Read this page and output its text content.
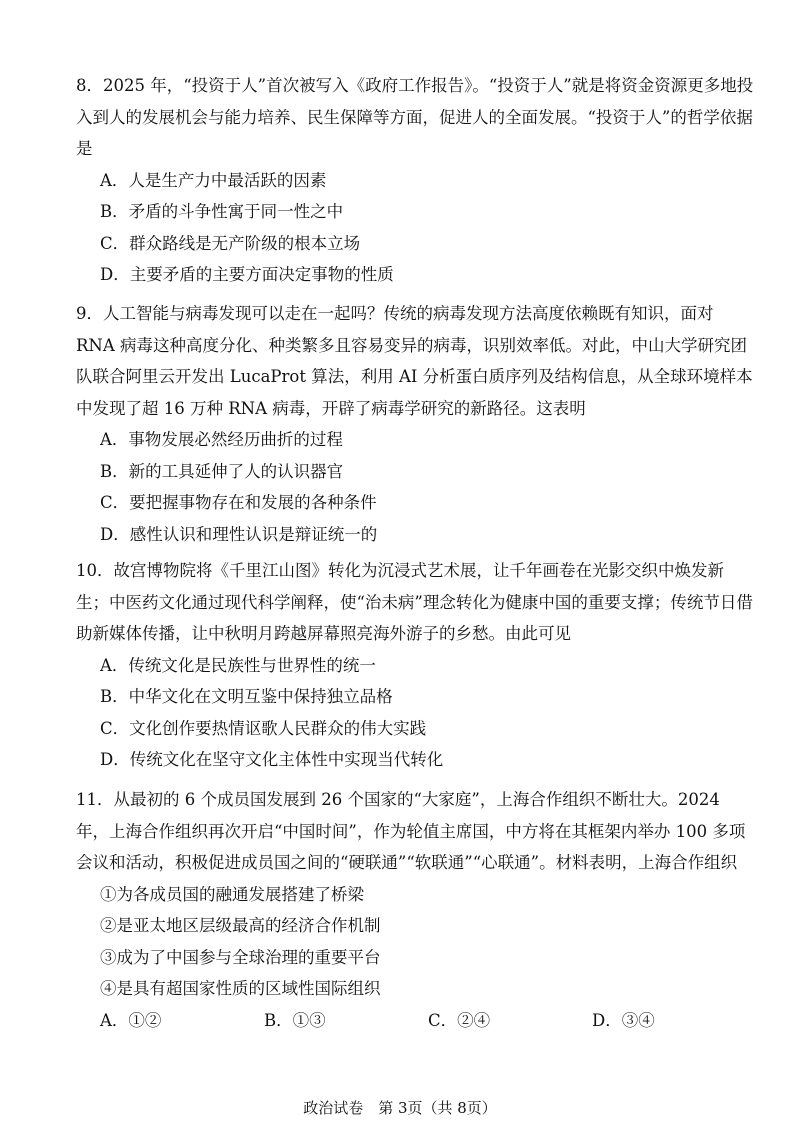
8．2025 年，“投资于人”首次被写入《政府工作报告》。“投资于人”就是将资金资源更多地投入到人的发展机会与能力培养、民生保障等方面，促进人的全面发展。“投资于人”的哲学依据是

A．人是生产力中最活跃的因素

B．矛盾的斗争性寓于同一性之中

C．群众路线是无产阶级的根本立场

D．主要矛盾的主要方面决定事物的性质

9．人工智能与病毒发现可以走在一起吗？传统的病毒发现方法高度依赖既有知识，面对 RNA 病毒这种高度分化、种类繁多且容易变异的病毒，识别效率低。对此，中山大学研究团队联合阿里云开发出 LucaProt 算法，利用 AI 分析蛋白质序列及结构信息，从全球环境样本中发现了超 16 万种 RNA 病毒，开辟了病毒学研究的新路径。这表明

A．事物发展必然经历曲折的过程

B．新的工具延伸了人的认识器官

C．要把握事物存在和发展的各种条件

D．感性认识和理性认识是辩证统一的

10．故宫博物院将《千里江山图》转化为沉浸式艺术展，让千年画卷在光影交织中焕发新生；中医药文化通过现代科学阐释，使“治未病”理念转化为健康中国的重要支撑；传统节日借助新媒体传播，让中秋明月跨越屏幕照亮海外游子的乡愁。由此可见

A．传统文化是民族性与世界性的统一

B．中华文化在文明互鉴中保持独立品格

C．文化创作要热情讴歌人民群众的伟大实践

D．传统文化在坚守文化主体性中实现当代转化

11．从最初的 6 个成员国发展到 26 个国家的“大家庭”，上海合作组织不断壮大。2024 年，上海合作组织再次开启“中国时间”，作为轮值主席国，中方将在其框架内举办 100 多项会议和活动，积极促进成员国之间的“硬联通”“软联通”“心联通”。材料表明，上海合作组织

①为各成员国的融通发展搭建了桥梁

②是亚太地区层级最高的经济合作机制

③成为了中国参与全球治理的重要平台

④是具有超国家性质的区域性国际组织

A．①②	B．①③	C．②④	D．③④
政治试卷　第 3页（共 8页）
